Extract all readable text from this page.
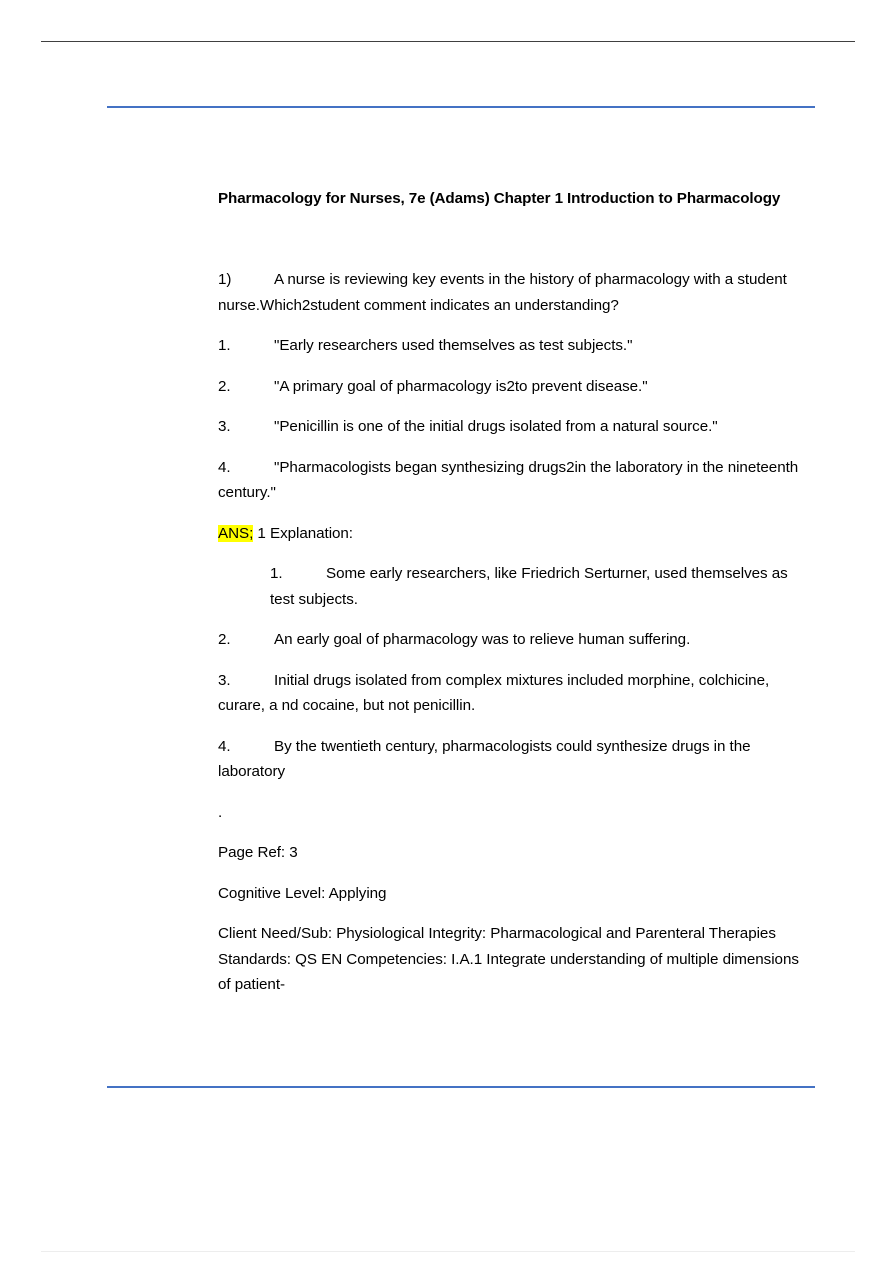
Pharmacology for Nurses, 7e (Adams) Chapter 1 Introduction to Pharmacology

1)	A nurse is reviewing key events in the history of pharmacology with a student nurse.Which2student comment indicates an understanding?

1.	"Early researchers used themselves as test subjects."

2.	"A primary goal of pharmacology is2to prevent disease."

3.	"Penicillin is one of the initial drugs isolated from a natural source."

4.	"Pharmacologists began synthesizing drugs2in the laboratory in the nineteenth century."

ANS; 1 Explanation:

1.	Some early researchers, like Friedrich Serturner, used themselves as test subjects.

2.	An early goal of pharmacology was to relieve human suffering.

3.	Initial drugs isolated from complex mixtures included morphine, colchicine, curare, a nd cocaine, but not penicillin.

4.	By the twentieth century, pharmacologists could synthesize drugs in the laboratory

.

Page Ref: 3

Cognitive Level: Applying

Client Need/Sub: Physiological Integrity: Pharmacological and Parenteral Therapies Standards: QS EN Competencies: I.A.1 Integrate understanding of multiple dimensions of patient-
